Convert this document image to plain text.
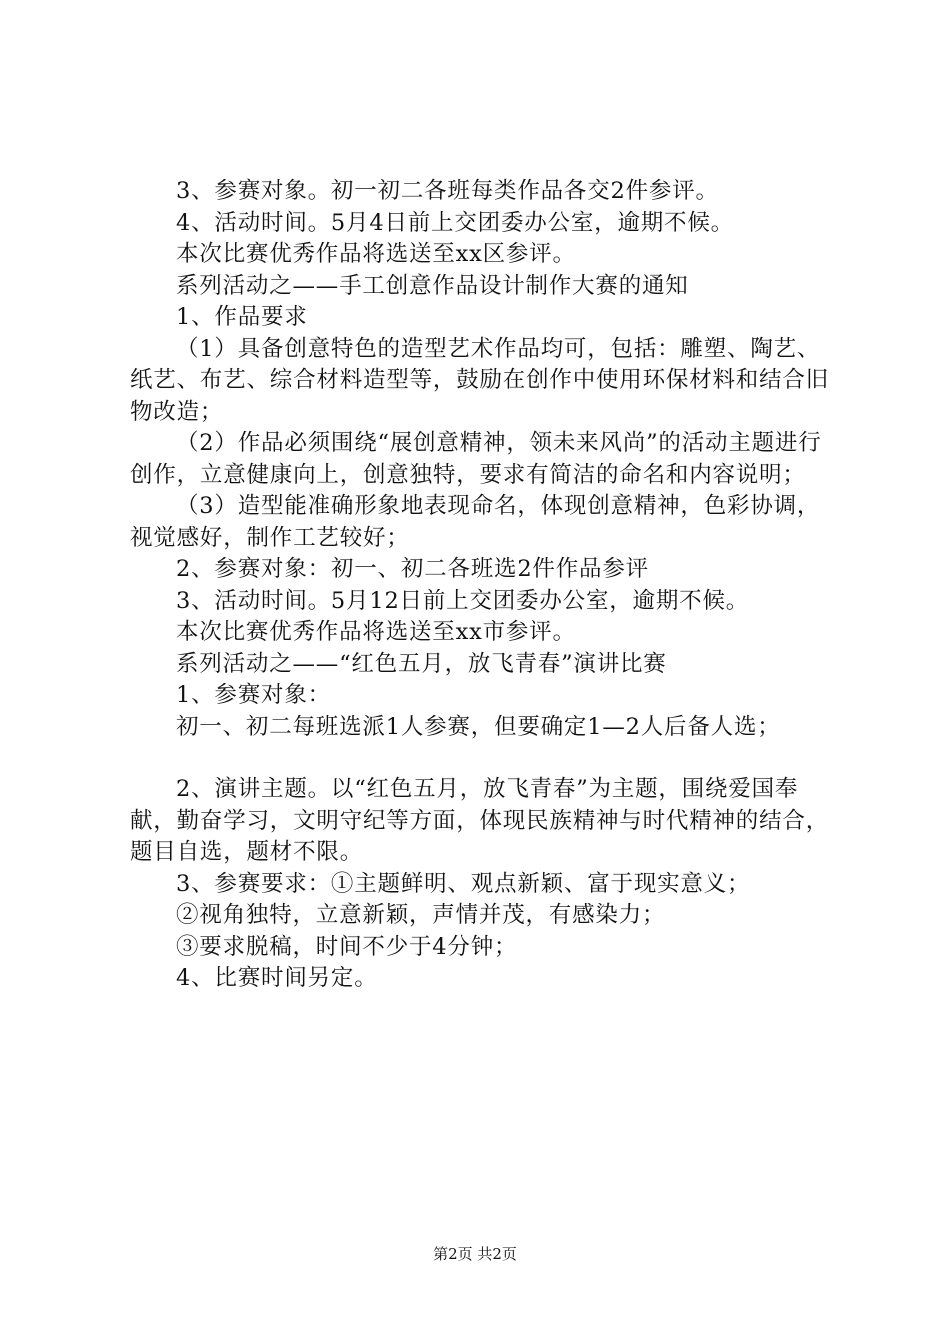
3、参赛对象。初一初二各班每类作品各交2件参评。

4、活动时间。5月4日前上交团委办公室，逾期不候。

本次比赛优秀作品将选送至xx区参评。

系列活动之——手工创意作品设计制作大赛的通知

1、作品要求

（1）具备创意特色的造型艺术作品均可，包括：雕塑、陶艺、纸艺、布艺、综合材料造型等，鼓励在创作中使用环保材料和结合旧物改造；

（2）作品必须围绕“展创意精神，领未来风尚”的活动主题进行创作，立意健康向上，创意独特，要求有简洁的命名和内容说明；

（3）造型能准确形象地表现命名，体现创意精神，色彩协调，视觉感好，制作工艺较好；

2、参赛对象：初一、初二各班选2件作品参评

3、活动时间。5月12日前上交团委办公室，逾期不候。

本次比赛优秀作品将选送至xx市参评。

系列活动之——“红色五月，放飞青春”演讲比赛

1、参赛对象：

初一、初二每班选派1人参赛，但要确定1—2人后备人选；

2、演讲主题。以“红色五月，放飞青春”为主题，围绕爱国奉献，勤奋学习，文明守纪等方面，体现民族精神与时代精神的结合，题目自选，题材不限。

3、参赛要求：①主题鲜明、观点新颖、富于现实意义；

②视角独特，立意新颖，声情并茂，有感染力；

③要求脱稿，时间不少于4分钟；

4、比赛时间另定。

第2页 共2页
